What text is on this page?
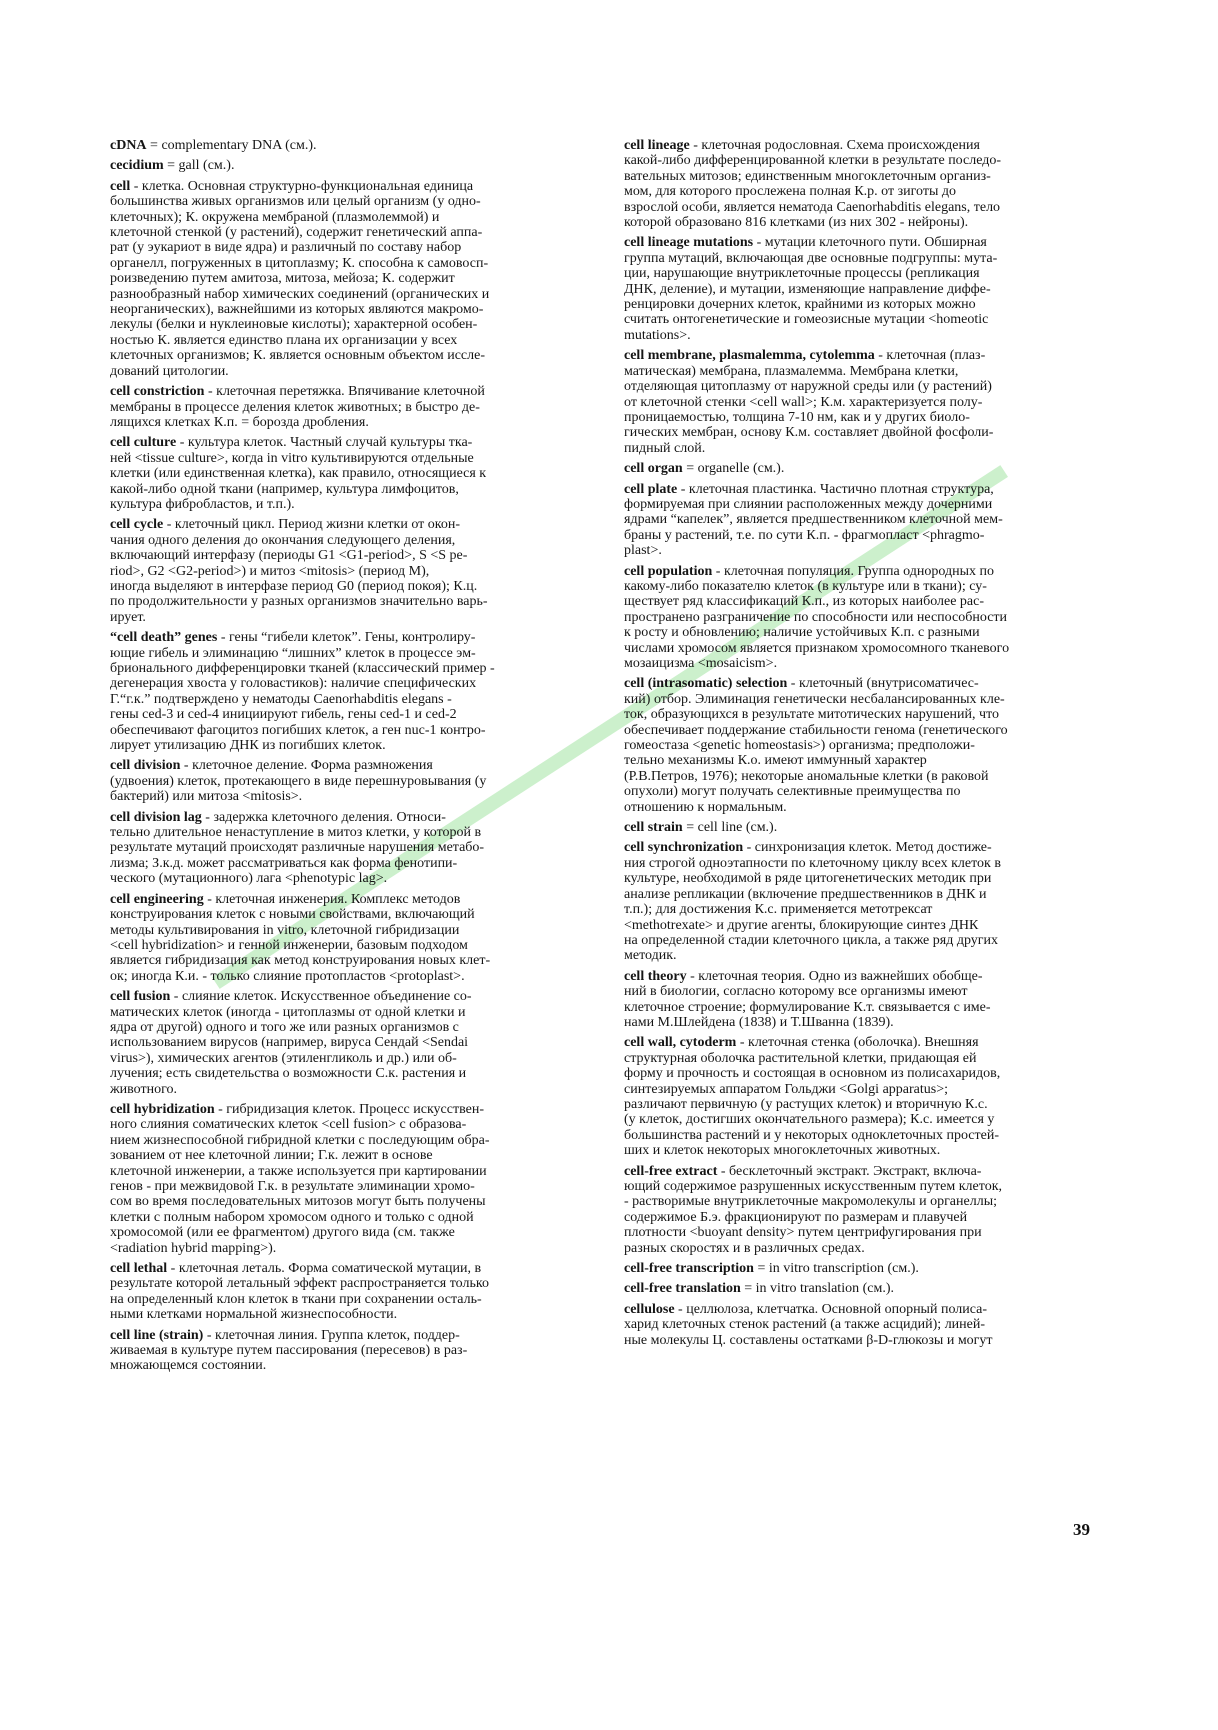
cDNA = complementary DNA (см.).
cecidium = gall (см.).
cell - клетка. Основная структурно-функциональная единица
большинства живых организмов или целый организм (у одно-
клеточных); К. окружена мембраной (плазмолеммой) и
клеточной стенкой (у растений), содержит генетический аппа-
рат (у эукариот в виде ядра) и различный по составу набор
органелл, погруженных в цитоплазму; К. способна к самовосп-
роизведению путем амитоза, митоза, мейоза; К. содержит
разнообразный набор химических соединений (органических и
неорганических), важнейшими из которых являются макромо-
лекулы (белки и нуклеиновые кислоты); характерной особен-
ностью К. является единство плана их организации у всех
клеточных организмов; К. является основным объектом иссле-
дований цитологии.
cell constriction - клеточная перетяжка. Впячивание клеточной
мембраны в процессе деления клеток животных; в быстро де-
лящихся клетках К.п. = борозда дробления.
cell culture - культура клеток. Частный случай культуры тка-
ней <tissue culture>, когда in vitro культивируются отдельные
клетки (или единственная клетка), как правило, относящиеся к
какой-либо одной ткани (например, культура лимфоцитов,
культура фибробластов, и т.п.).
cell cycle - клеточный цикл. Период жизни клетки от окон-
чания одного деления до окончания следующего деления,
включающий интерфазу (периоды G1 <G1-period>, S <S pe-
riod>, G2 <G2-period>) и митоз <mitosis> (период M),
иногда выделяют в интерфазе период G0 (период покоя); К.ц.
по продолжительности у разных организмов значительно варь-
ирует.
“cell death” genes - гены “гибели клеток”. Гены, контролиру-
ющие гибель и элиминацию “лишних” клеток в процессе эм-
брионального дифференцировки тканей (классический пример -
дегенерация хвоста у головастиков): наличие специфических
Г.“г.к.” подтверждено у нематоды Caenorhabditis elegans -
гены ced-3 и ced-4 инициируют гибель, гены ced-1 и ced-2
обеспечивают фагоцитоз погибших клеток, а ген nuc-1 контро-
лирует утилизацию ДНК из погибших клеток.
cell division - клеточное деление. Форма размножения
(удвоения) клеток, протекающего в виде перешнуровывания (у
бактерий) или митоза <mitosis>.
cell division lag - задержка клеточного деления. Относи-
тельно длительное ненаступление в митоз клетки, у которой в
результате мутаций происходят различные нарушения метабо-
лизма; З.к.д. может рассматриваться как форма фенотипи-
ческого (мутационного) лага <phenotypic lag>.
cell engineering - клеточная инженерия. Комплекс методов
конструирования клеток с новыми свойствами, включающий
методы культивирования in vitro, клеточной гибридизации
<cell hybridization> и генной инженерии, базовым подходом
является гибридизация как метод конструирования новых клет-
ок; иногда К.и. - только слияние протопластов <protoplast>.
cell fusion - слияние клеток. Искусственное объединение со-
матических клеток (иногда - цитоплазмы от одной клетки и
ядра от другой) одного и того же или разных организмов с
использованием вирусов (например, вируса Сендай <Sendai
virus>), химических агентов (этиленгликоль и др.) или об-
лучения; есть свидетельства о возможности С.к. растения и
животного.
cell hybridization - гибридизация клеток. Процесс искусствен-
ного слияния соматических клеток <cell fusion> с образова-
нием жизнеспособной гибридной клетки с последующим обра-
зованием от нее клеточной линии; Г.к. лежит в основе
клеточной инженерии, а также используется при картировании
генов - при межвидовой Г.к. в результате элиминации хромо-
сом во время последовательных митозов могут быть получены
клетки с полным набором хромосом одного и только с одной
хромосомой (или ее фрагментом) другого вида (см. также
<radiation hybrid mapping>).
cell lethal - клеточная леталь. Форма соматической мутации, в
результате которой летальный эффект распространяется только
на определенный клон клеток в ткани при сохранении осталь-
ными клетками нормальной жизнеспособности.
cell line (strain) - клеточная линия. Группа клеток, поддер-
живаемая в культуре путем пассирования (пересевов) в раз-
множающемся состоянии.
cell lineage - клеточная родословная. Схема происхождения
какой-либо дифференцированной клетки в результате последо-
вательных митозов; единственным многоклеточным организ-
мом, для которого прослежена полная К.р. от зиготы до
взрослой особи, является нематода Caenorhabditis elegans, тело
которой образовано 816 клетками (из них 302 - нейроны).
cell lineage mutations - мутации клеточного пути. Обширная
группа мутаций, включающая две основные подгруппы: мута-
ции, нарушающие внутриклеточные процессы (репликация
ДНК, деление), и мутации, изменяющие направление диффе-
ренцировки дочерних клеток, крайними из которых можно
считать онтогенетические и гомеозисные мутации <homeotic
mutations>.
cell membrane, plasmalemma, cytolemma - клеточная (плаз-
матическая) мембрана, плазмалемма. Мембрана клетки,
отделяющая цитоплазму от наружной среды или (у растений)
от клеточной стенки <cell wall>; К.м. характеризуется полу-
проницаемостью, толщина 7-10 нм, как и у других биоло-
гических мембран, основу К.м. составляет двойной фосфоли-
пидный слой.
cell organ = organelle (см.).
cell plate - клеточная пластинка. Частично плотная структура,
формируемая при слиянии расположенных между дочерними
ядрами “капелек”, является предшественником клеточной мем-
браны у растений, т.е. по сути К.п. - фрагмопласт <phragmo-
plast>.
cell population - клеточная популяция. Группа однородных по
какому-либо показателю клеток (в культуре или в ткани); су-
ществует ряд классификаций К.п., из которых наиболее рас-
пространено разграничение по способности или неспособности
к росту и обновлению; наличие устойчивых К.п. с разными
числами хромосом является признаком хромосомного тканевого
мозаицизма <mosaicism>.
cell (intrasomatic) selection - клеточный (внутрисоматичес-
кий) отбор. Элиминация генетически несбалансированных кле-
ток, образующихся в результате митотических нарушений, что
обеспечивает поддержание стабильности генома (генетического
гомеостаза <genetic homeostasis>) организма; предположи-
тельно механизмы К.о. имеют иммунный характер
(Р.В.Петров, 1976); некоторые аномальные клетки (в раковой
опухоли) могут получать селективные преимущества по
отношению к нормальным.
cell strain = cell line (см.).
cell synchronization - синхронизация клеток. Метод достиже-
ния строгой одноэтапности по клеточному циклу всех клеток в
культуре, необходимой в ряде цитогенетических методик при
анализе репликации (включение предшественников в ДНК и
т.п.); для достижения К.с. применяется метотрексат
<methotrexate> и другие агенты, блокирующие синтез ДНК
на определенной стадии клеточного цикла, а также ряд других
методик.
cell theory - клеточная теория. Одно из важнейших обобще-
ний в биологии, согласно которому все организмы имеют
клеточное строение; формулирование К.т. связывается с име-
нами М.Шлейдена (1838) и Т.Шванна (1839).
cell wall, cytoderm - клеточная стенка (оболочка). Внешняя
структурная оболочка растительной клетки, придающая ей
форму и прочность и состоящая в основном из полисахаридов,
синтезируемых аппаратом Гольджи <Golgi apparatus>;
различают первичную (у растущих клеток) и вторичную К.с.
(у клеток, достигших окончательного размера); К.с. имеется у
большинства растений и у некоторых одноклеточных простей-
ших и клеток некоторых многоклеточных животных.
cell-free extract - бесклеточный экстракт. Экстракт, включа-
ющий содержимое разрушенных искусственным путем клеток,
- растворимые внутриклеточные макромолекулы и органеллы;
содержимое Б.э. фракционируют по размерам и плавучей
плотности <buoyant density> путем центрифугирования при
разных скоростях и в различных средах.
cell-free transcription = in vitro transcription (см.).
cell-free translation = in vitro translation (см.).
cellulose - целлюлоза, клетчатка. Основной опорный полиса-
харид клеточных стенок растений (а также асцидий); линей-
ные молекулы Ц. составлены остатками β-D-глюкозы и могут
39
